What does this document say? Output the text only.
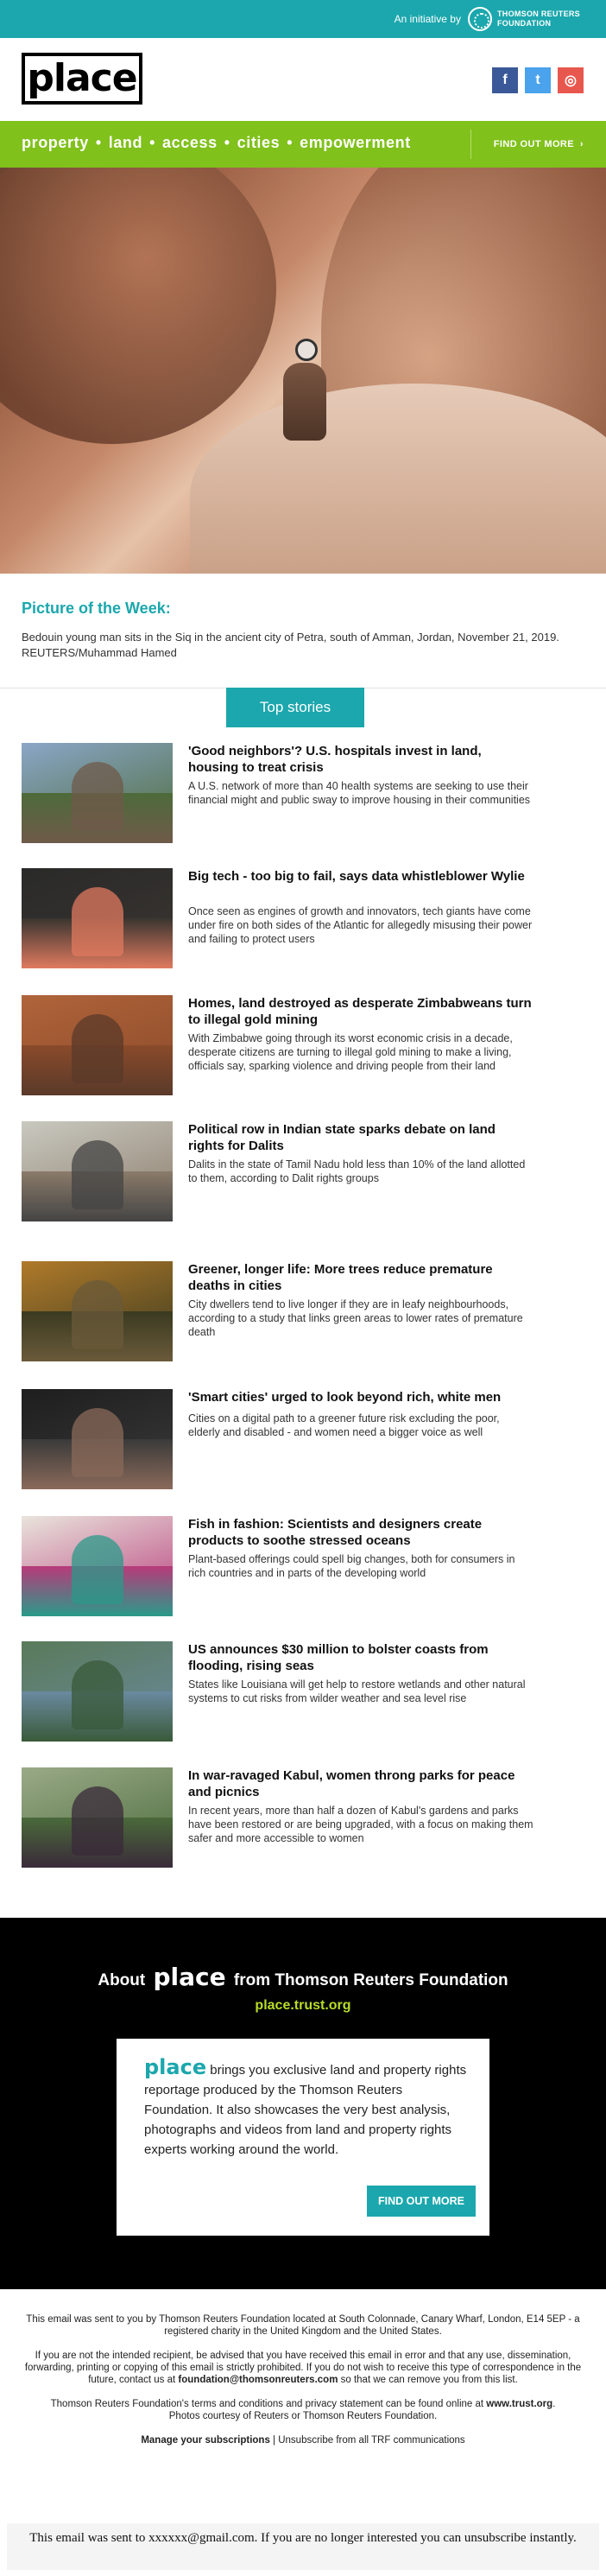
An initiative by	THOMSON REUTERS
FOUNDATION
place	f	t	◎
property • land • access • cities • empowerment	FIND OUT MORE
›
Picture of the Week:

Bedouin young man sits in the Siq in the ancient city of Petra, south of Amman, Jordan, November 21, 2019. REUTERS/Muhammad Hamed

Top stories
'Good neighbors'? U.S. hospitals invest in land, housing to treat crisis

A U.S. network of more than 40 health systems are seeking to use their financial might and public sway to improve housing in their communities

Big tech - too big to fail, says data whistleblower Wylie

Once seen as engines of growth and innovators, tech giants have come under fire on both sides of the Atlantic for allegedly misusing their power and failing to protect users

Homes, land destroyed as desperate Zimbabweans turn to illegal gold mining

With Zimbabwe going through its worst economic crisis in a decade, desperate citizens are turning to illegal gold mining to make a living, officials say, sparking violence and driving people from their land

Political row in Indian state sparks debate on land rights for Dalits

Dalits in the state of Tamil Nadu hold less than 10% of the land allotted to them, according to Dalit rights groups

Greener, longer life: More trees reduce premature deaths in cities

City dwellers tend to live longer if they are in leafy neighbourhoods, according to a study that links green areas to lower rates of premature death

'Smart cities' urged to look beyond rich, white men

Cities on a digital path to a greener future risk excluding the poor, elderly and disabled - and women need a bigger voice as well

Fish in fashion: Scientists and designers create products to soothe stressed oceans

Plant-based offerings could spell big changes, both for consumers in rich countries and in parts of the developing world

US announces $30 million to bolster coasts from flooding, rising seas

States like Louisiana will get help to restore wetlands and other natural systems to cut risks from wilder weather and sea level rise

In war-ravaged Kabul, women throng parks for peace and picnics

In recent years, more than half a dozen of Kabul's gardens and parks have been restored or are being upgraded, with a focus on making them safer and more accessible to women

About place from Thomson Reuters Foundation
place.trust.org

place brings you exclusive land and property rights reportage produced by the Thomson Reuters Foundation. It also showcases the very best analysis, photographs and videos from land and property rights experts working around the world.

FIND OUT MORE

This email was sent to you by Thomson Reuters Foundation located at South Colonnade, Canary Wharf, London, E14 5EP - a registered charity in the United Kingdom and the United States.

If you are not the intended recipient, be advised that you have received this email in error and that any use, dissemination, forwarding, printing or copying of this email is strictly prohibited. If you do not wish to receive this type of correspondence in the future, contact us at foundation@thomsonreuters.com so that we can remove you from this list.

Thomson Reuters Foundation's terms and conditions and privacy statement can be found online at www.trust.org.
Photos courtesy of Reuters or Thomson Reuters Foundation.

Manage your subscriptions | Unsubscribe from all TRF communications

This email was sent to xxxxxx@gmail.com. If you are no longer interested you can unsubscribe instantly.
